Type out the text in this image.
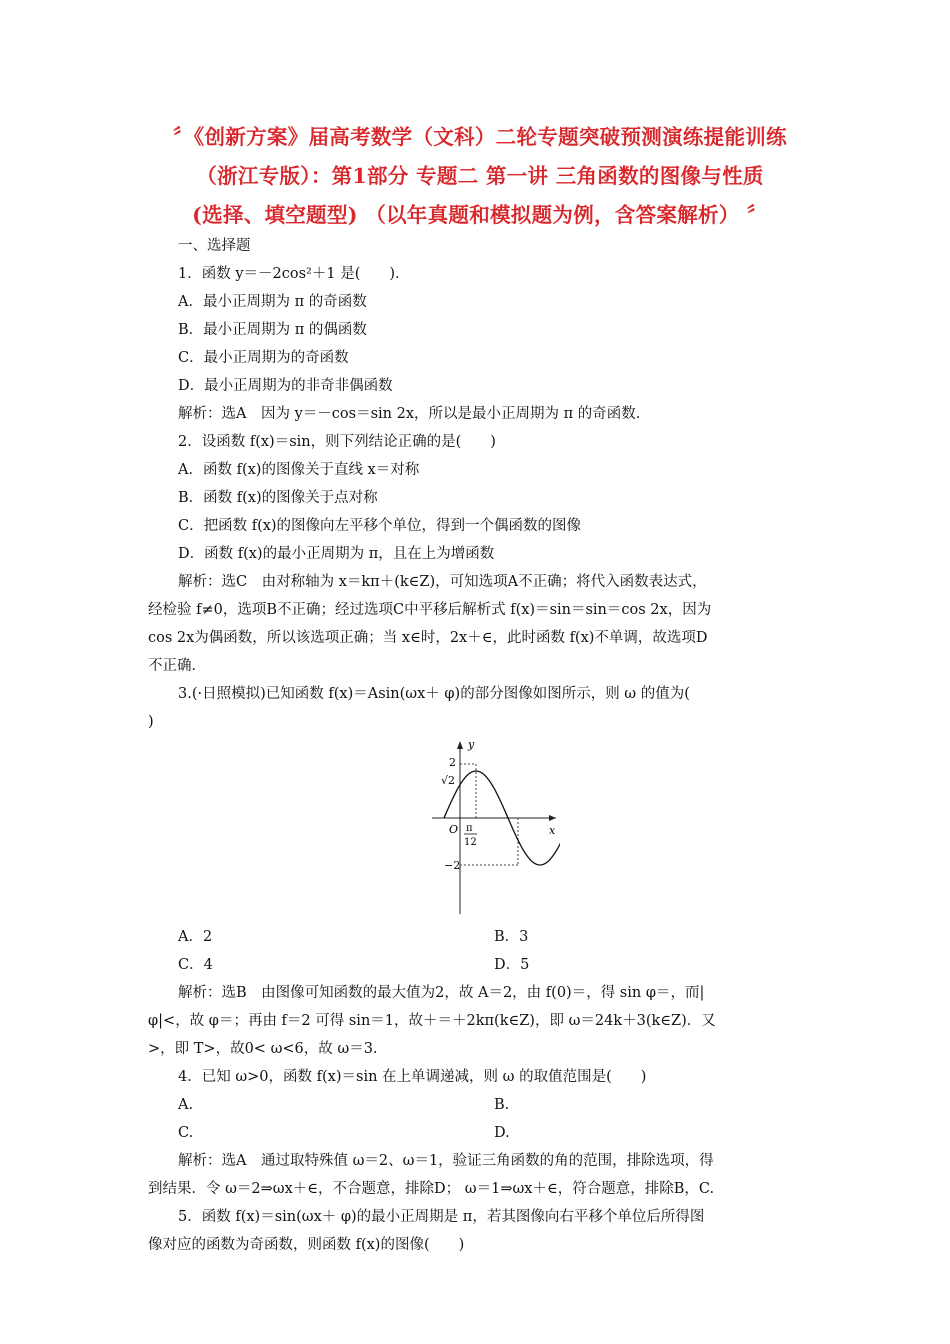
〞《创新方案》届高考数学（文科）二轮专题突破预测演练提能训练
（浙江专版）：第1部分 专题二 第一讲 三角函数的图像与性质
(选择、填空题型) （以年真题和模拟题为例，含答案解析） 〞
一、选择题
1．函数 y＝－2cos²＋1 是(　　)．
A．最小正周期为 π 的奇函数
B．最小正周期为 π 的偶函数
C．最小正周期为的奇函数
D．最小正周期为的非奇非偶函数
解析：选A　因为 y＝－cos＝sin 2x，所以是最小正周期为 π 的奇函数．
2．设函数 f(x)＝sin，则下列结论正确的是(　　)
A．函数 f(x)的图像关于直线 x＝对称
B．函数 f(x)的图像关于点对称
C．把函数 f(x)的图像向左平移个单位，得到一个偶函数的图像
D．函数 f(x)的最小正周期为 π，且在上为增函数
解析：选C　由对称轴为 x＝kπ＋(k∈Z)，可知选项A不正确；将代入函数表达式，
经检验 f≠0，选项B不正确；经过选项C中平移后解析式 f(x)＝sin＝sin＝cos 2x，因为
cos 2x为偶函数，所以该选项正确；当 x∈时，2x＋∈，此时函数 f(x)不单调，故选项D
不正确．
3.(·日照模拟)已知函数 f(x)＝Asin(ωx＋ φ)的部分图像如图所示，则 ω 的值为(
)
y
x
O
2
√2
−2
π
12
A．2	B．3
C．4	D．5
解析：选B　由图像可知函数的最大值为2，故 A＝2，由 f(0)＝，得 sin φ＝，而|
φ|<，故 φ＝；再由 f＝2 可得 sin＝1，故＋＝＋2kπ(k∈Z)，即 ω＝24k＋3(k∈Z)．又
>，即 T>，故0< ω<6，故 ω＝3.
4．已知 ω>0，函数 f(x)＝sin 在上单调递减，则 ω 的取值范围是(　　)
A.	B.
C.	D.
解析：选A　通过取特殊值 ω＝2、ω＝1，验证三角函数的角的范围，排除选项，得
到结果．令 ω＝2⇒ωx＋∈，不合题意，排除D； ω＝1⇒ωx＋∈，符合题意，排除B，C.
5．函数 f(x)＝sin(ωx＋ φ)的最小正周期是 π，若其图像向右平移个单位后所得图
像对应的函数为奇函数，则函数 f(x)的图像(　　)
